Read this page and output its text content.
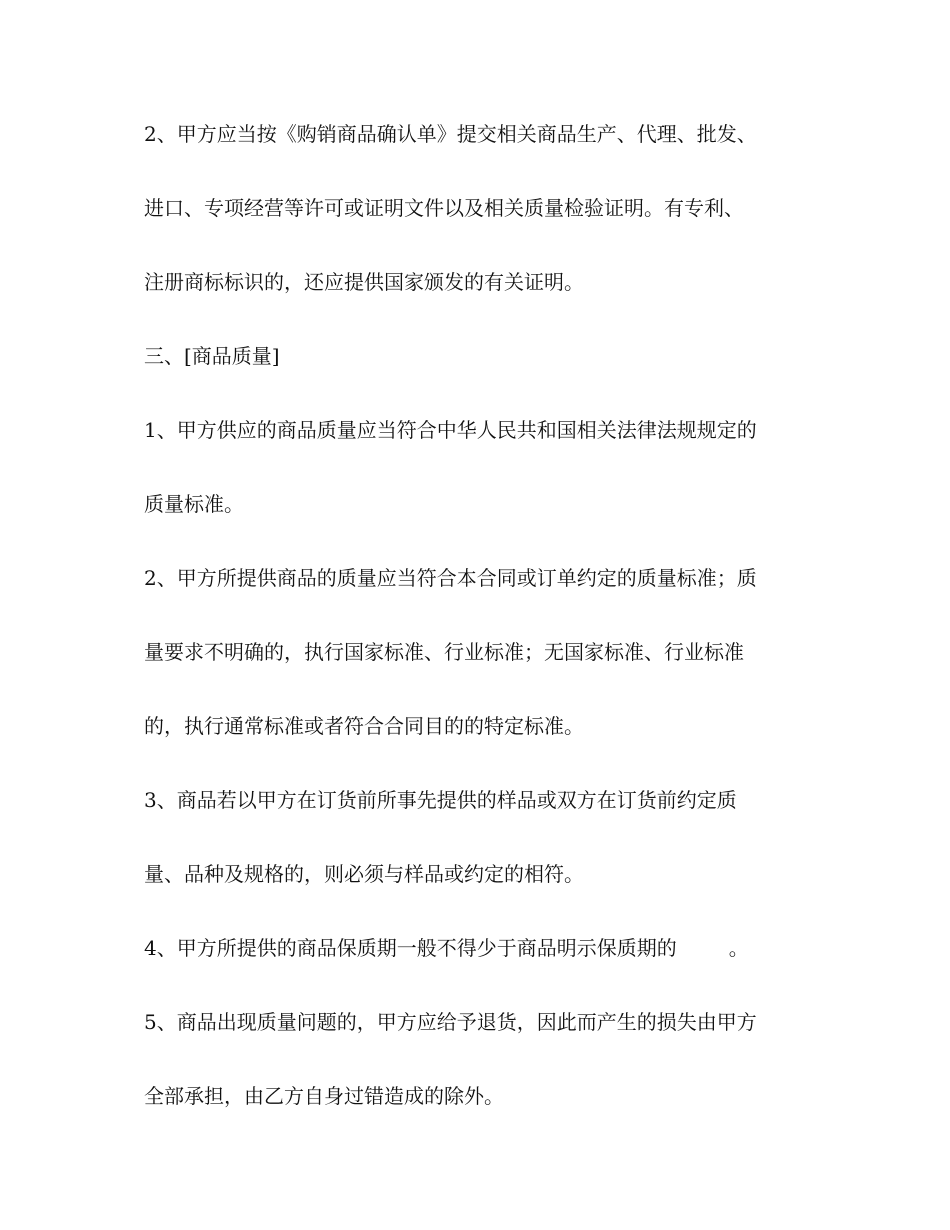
2、甲方应当按《购销商品确认单》提交相关商品生产、代理、批发、
进口、专项经营等许可或证明文件以及相关质量检验证明。有专利、
注册商标标识的，还应提供国家颁发的有关证明。
三、[商品质量]
1、甲方供应的商品质量应当符合中华人民共和国相关法律法规规定的
质量标准。
2、甲方所提供商品的质量应当符合本合同或订单约定的质量标准；质
量要求不明确的，执行国家标准、行业标准；无国家标准、行业标准
的，执行通常标准或者符合合同目的的特定标准。
3、商品若以甲方在订货前所事先提供的样品或双方在订货前约定质
量、品种及规格的，则必须与样品或约定的相符。
4、甲方所提供的商品保质期一般不得少于商品明示保质期的	。
5、商品出现质量问题的，甲方应给予退货，因此而产生的损失由甲方
全部承担，由乙方自身过错造成的除外。
